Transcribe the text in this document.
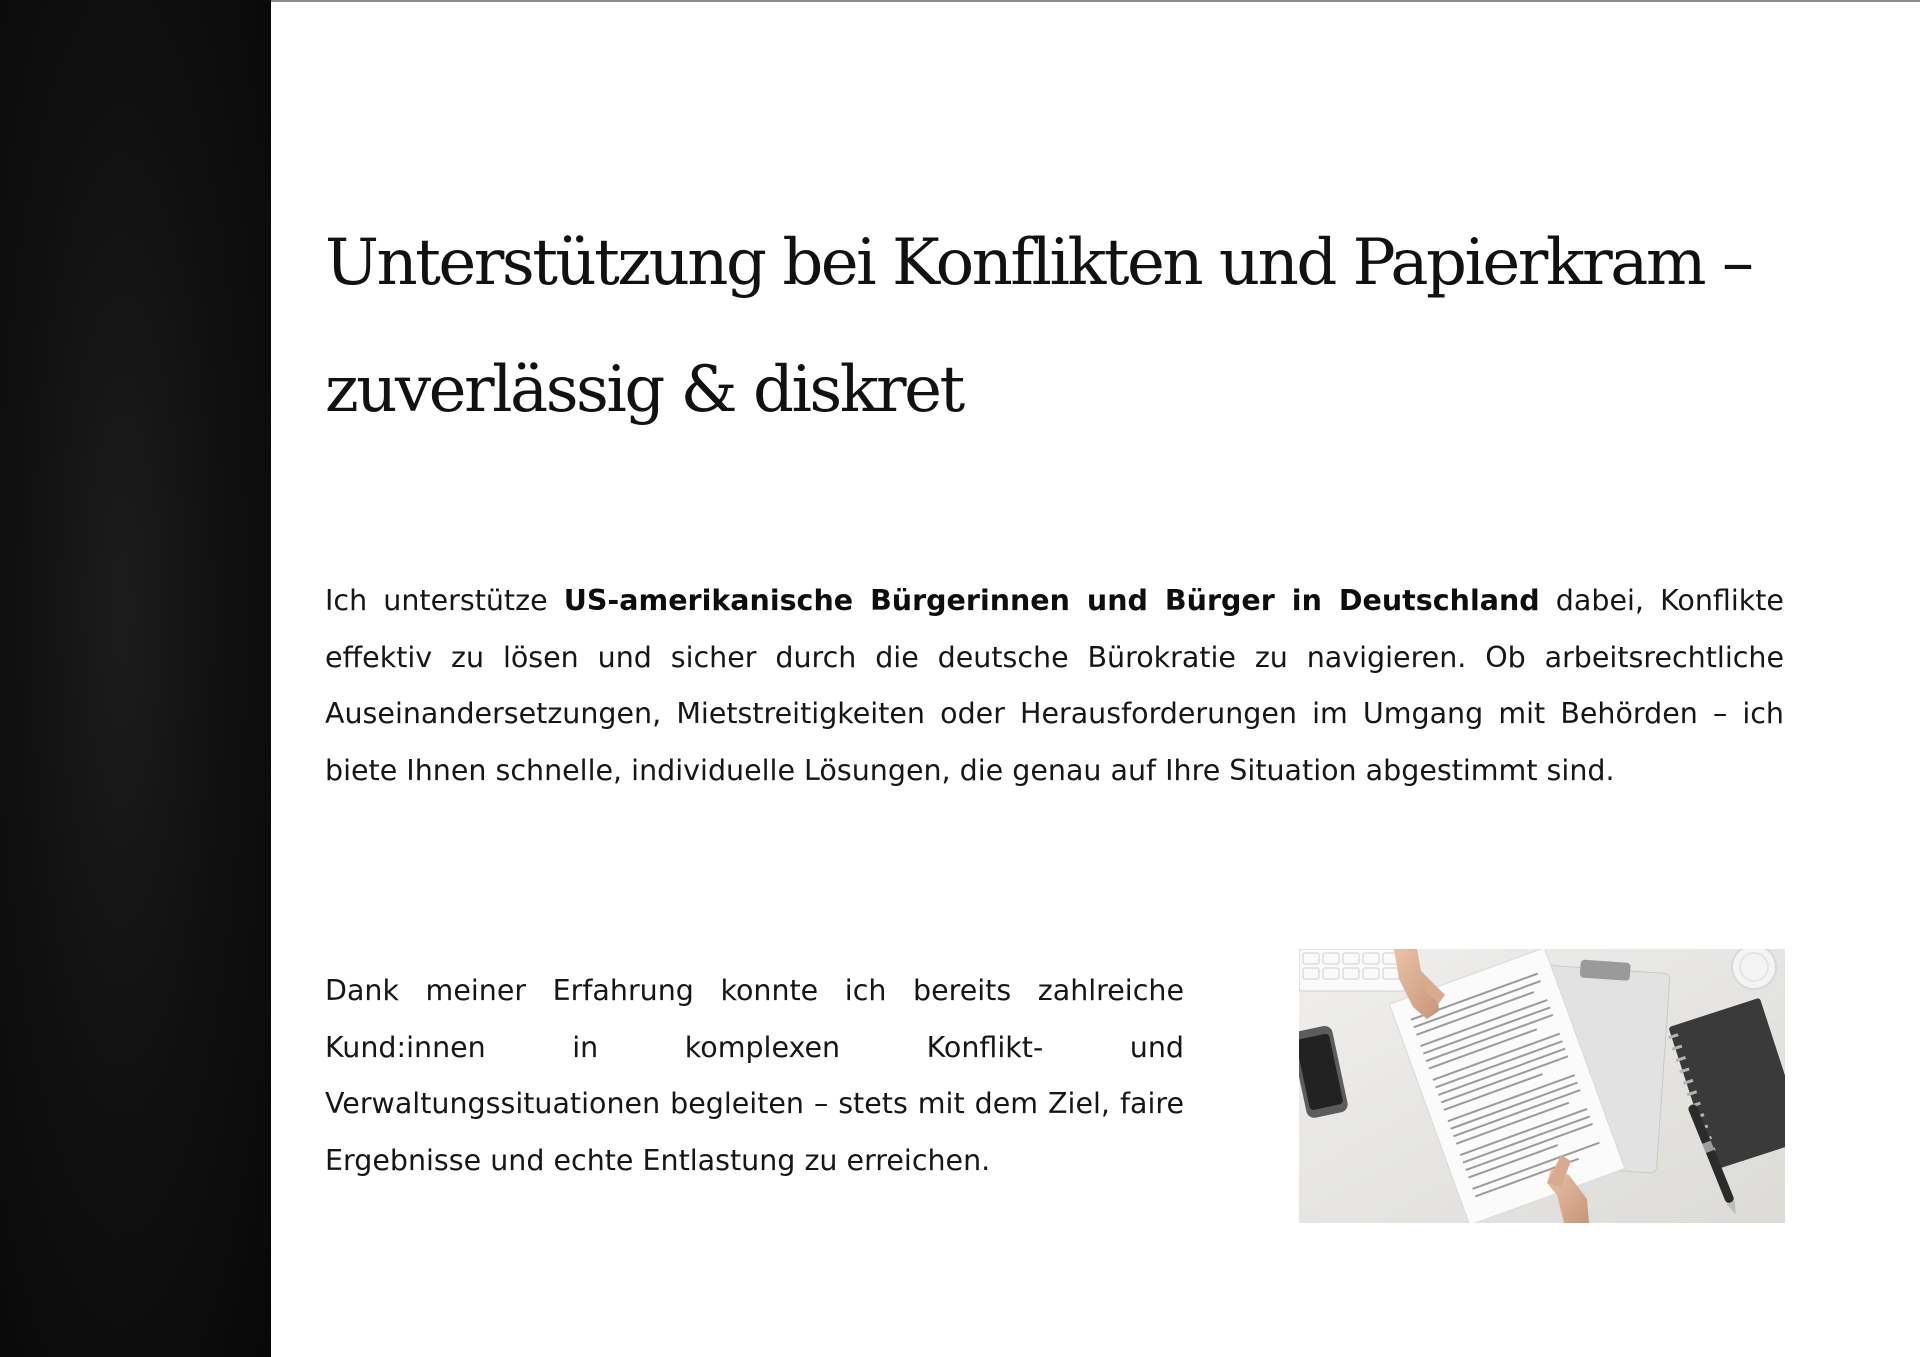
Unterstützung bei Konflikten und Papierkram – zuverlässig & diskret

Ich unterstütze US-amerikanische Bürgerinnen und Bürger in Deutschland dabei, Konflikte effektiv zu lösen und sicher durch die deutsche Bürokratie zu navigieren. Ob arbeitsrechtliche Auseinandersetzungen, Mietstreitigkeiten oder Herausforderungen im Umgang mit Behörden – ich biete Ihnen schnelle, individuelle Lösungen, die genau auf Ihre Situation abgestimmt sind.

Dank meiner Erfahrung konnte ich bereits zahlreiche Kund:innen in komplexen Konflikt- und Verwaltungssituationen begleiten – stets mit dem Ziel, faire Ergebnisse und echte Entlastung zu erreichen.
